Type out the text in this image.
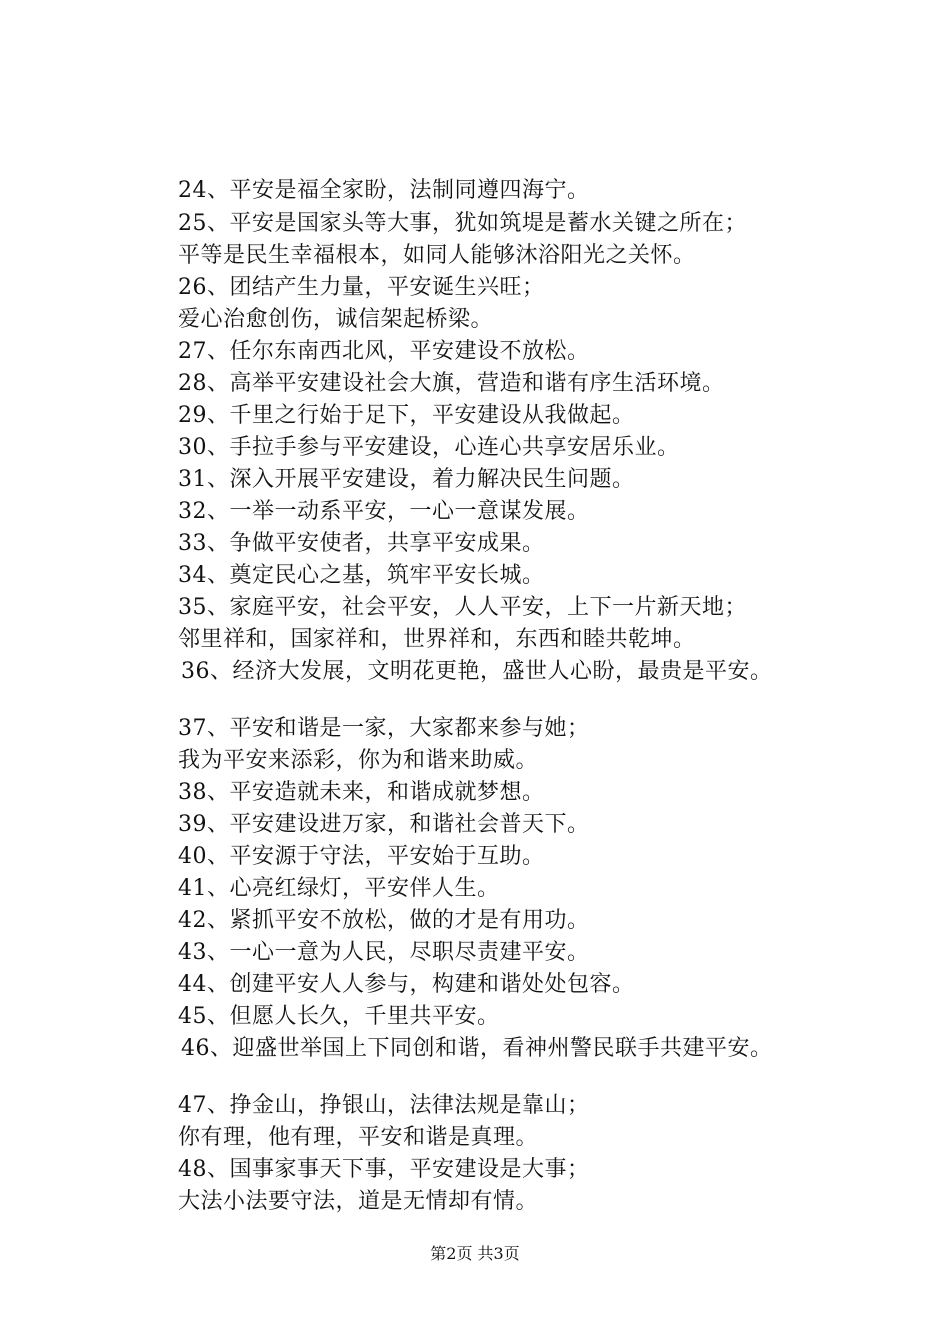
24、平安是福全家盼，法制同遵四海宁。
25、平安是国家头等大事，犹如筑堤是蓄水关键之所在；
平等是民生幸福根本，如同人能够沐浴阳光之关怀。
26、团结产生力量，平安诞生兴旺；
爱心治愈创伤，诚信架起桥梁。
27、任尔东南西北风，平安建设不放松。
28、高举平安建设社会大旗，营造和谐有序生活环境。
29、千里之行始于足下，平安建设从我做起。
30、手拉手参与平安建设，心连心共享安居乐业。
31、深入开展平安建设，着力解决民生问题。
32、一举一动系平安，一心一意谋发展。
33、争做平安使者，共享平安成果。
34、奠定民心之基，筑牢平安长城。
35、家庭平安，社会平安，人人平安，上下一片新天地；
邻里祥和，国家祥和，世界祥和，东西和睦共乾坤。
36、经济大发展，文明花更艳，盛世人心盼，最贵是平安。
37、平安和谐是一家，大家都来参与她；
我为平安来添彩，你为和谐来助威。
38、平安造就未来，和谐成就梦想。
39、平安建设进万家，和谐社会普天下。
40、平安源于守法，平安始于互助。
41、心亮红绿灯，平安伴人生。
42、紧抓平安不放松，做的才是有用功。
43、一心一意为人民，尽职尽责建平安。
44、创建平安人人参与，构建和谐处处包容。
45、但愿人长久，千里共平安。
46、迎盛世举国上下同创和谐，看神州警民联手共建平安。
47、挣金山，挣银山，法律法规是靠山；
你有理，他有理，平安和谐是真理。
48、国事家事天下事，平安建设是大事；
大法小法要守法，道是无情却有情。
第2页 共3页
